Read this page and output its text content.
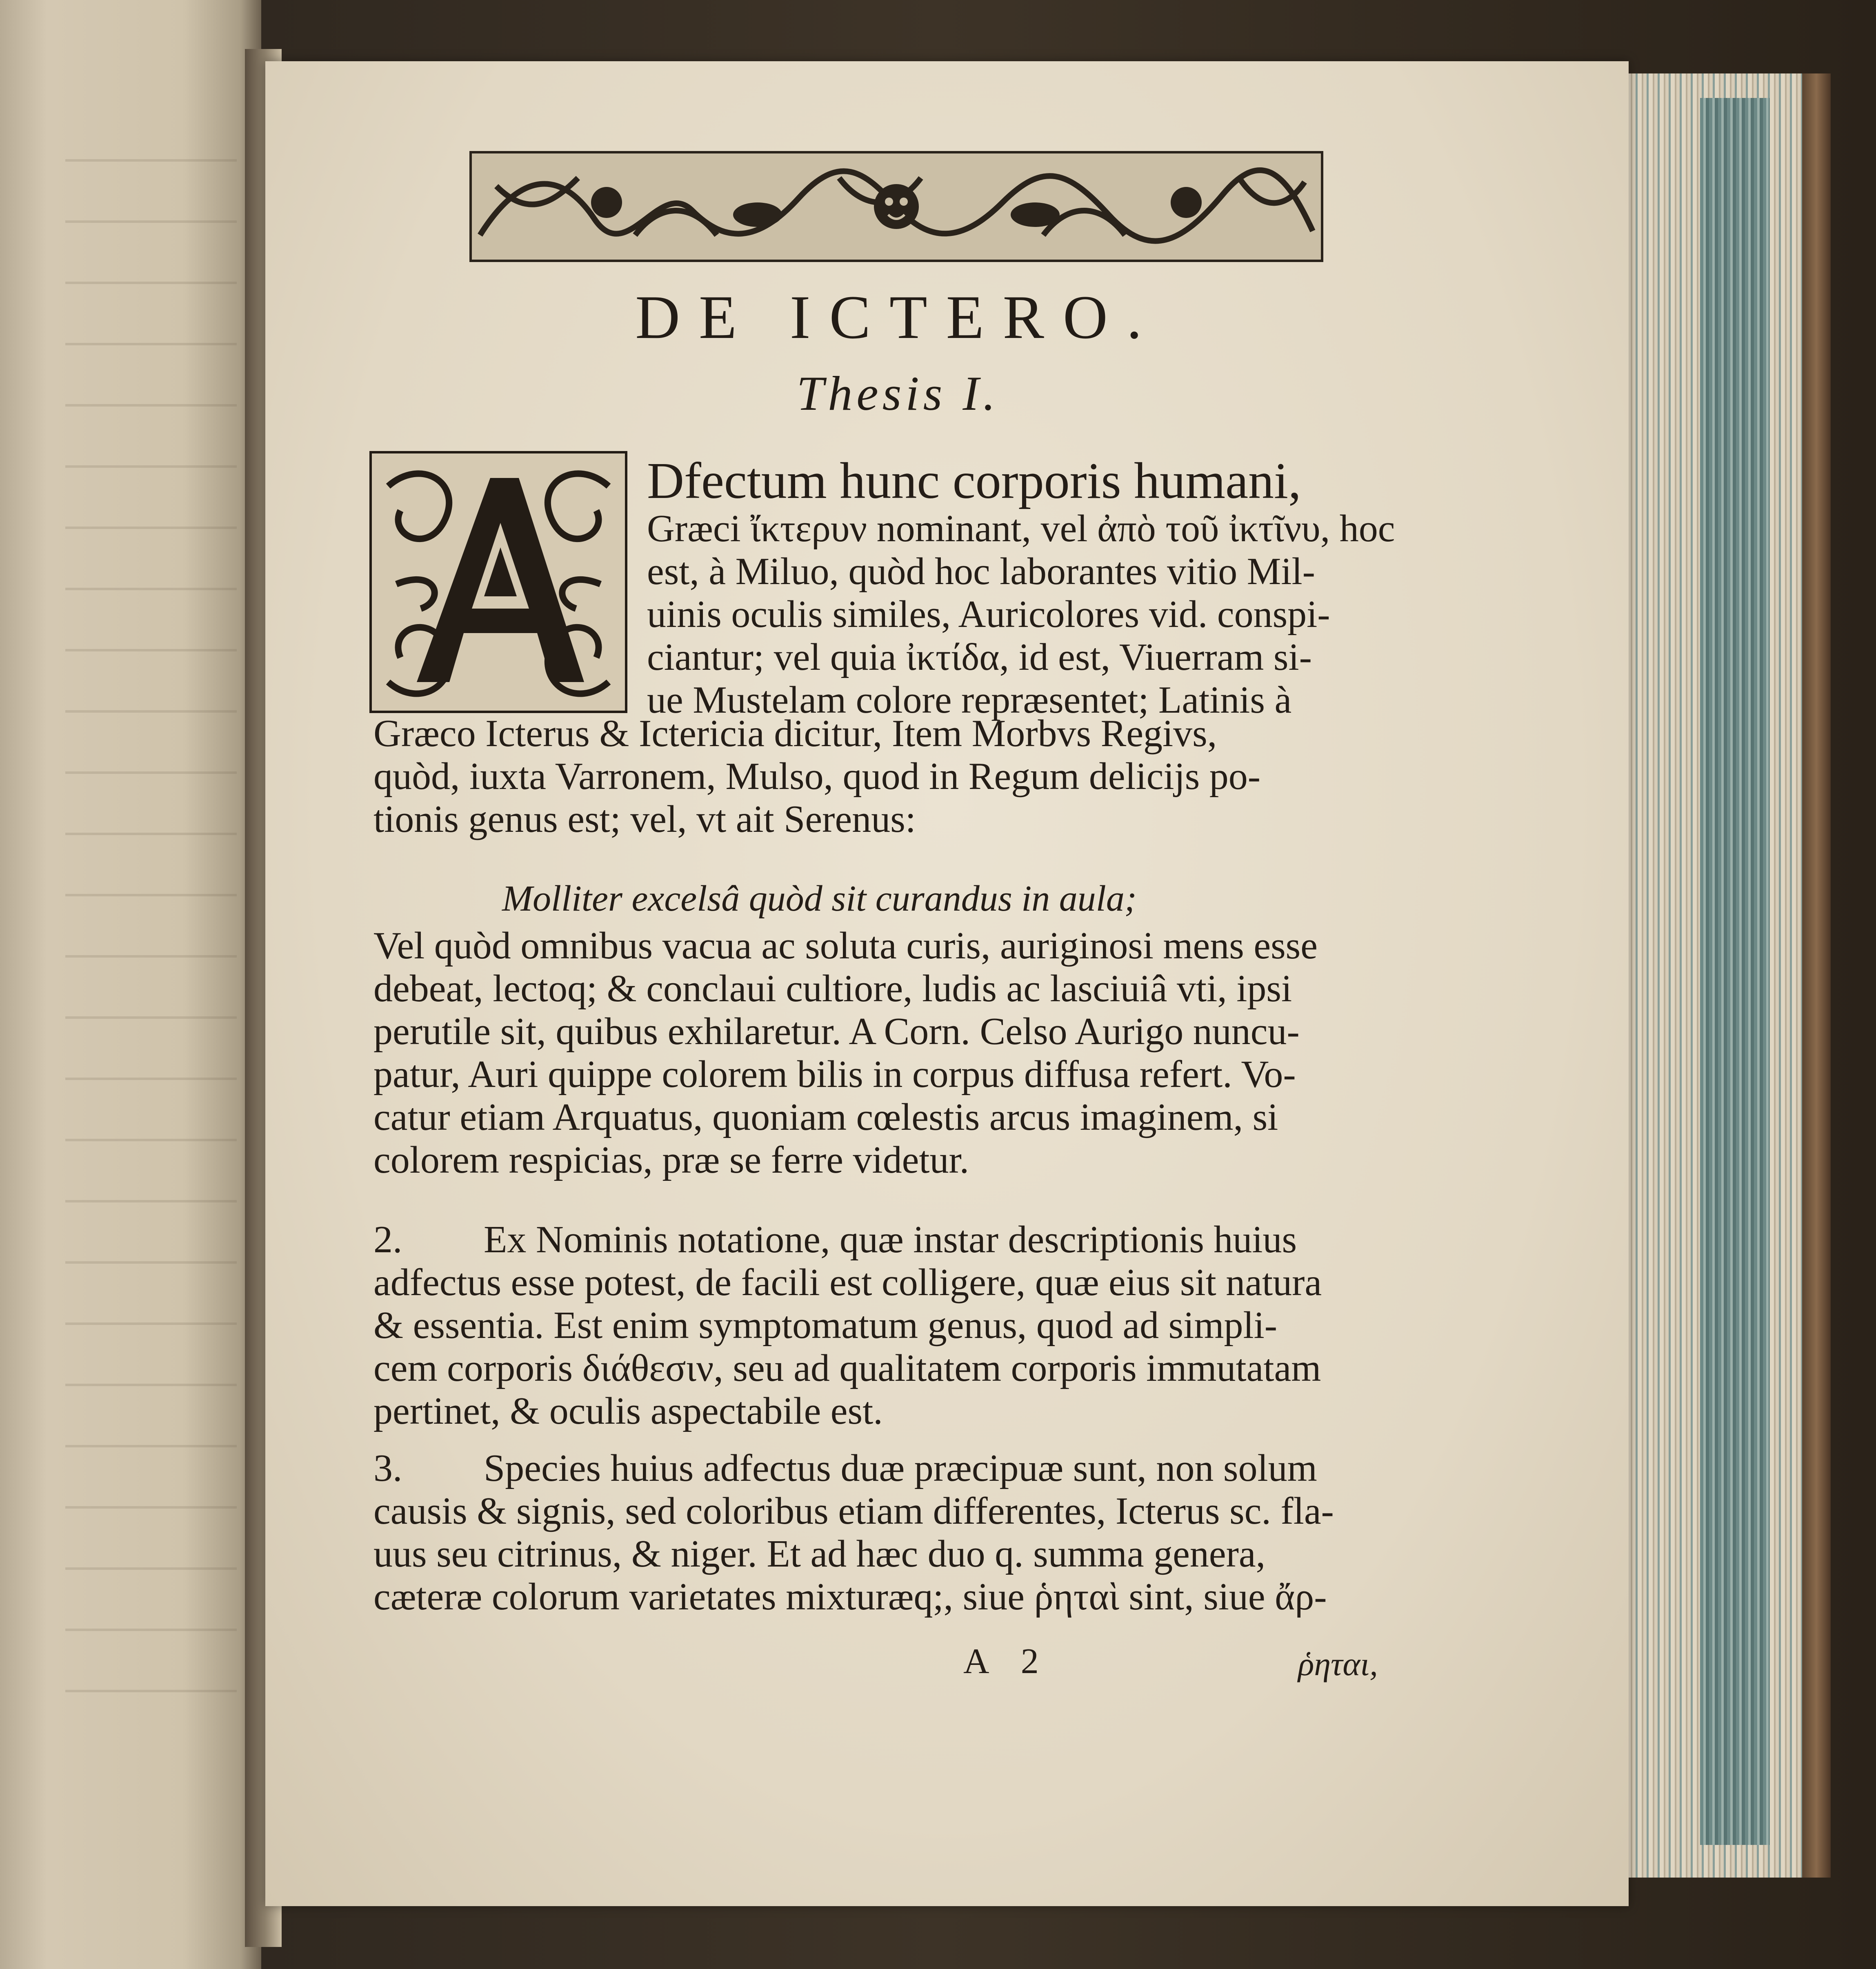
DE ICTERO.
Thesis I.
Dfectum hunc corporis humani,
Græci ἴκτερυν nominant, vel ἀπὸ τοῦ ἰκτῖνυ, hoc
est, à Miluo, quòd hoc laborantes vitio Mil-
uinis oculis similes, Auricolores vid. conspi-
ciantur; vel quia ἰκτίδα, id est, Viuerram si-
ue Mustelam colore repræsentet; Latinis à
Græco Icterus & Ictericia dicitur, Item Morbvs Regivs,
quòd, iuxta Varronem, Mulso, quod in Regum delicijs po-
tionis genus est; vel, vt ait Serenus:
Molliter excelsâ quòd sit curandus in aula;
Vel quòd omnibus vacua ac soluta curis, auriginosi mens esse
debeat, lectoq; & conclaui cultiore, ludis ac lasciuiâ vti, ipsi
perutile sit, quibus exhilaretur. A Corn. Celso Aurigo nuncu-
patur, Auri quippe colorem bilis in corpus diffusa refert. Vo-
catur etiam Arquatus, quoniam cœlestis arcus imaginem, si
colorem respicias, præ se ferre videtur.
2. Ex Nominis notatione, quæ instar descriptionis huius
adfectus esse potest, de facili est colligere, quæ eius sit natura
& essentia. Est enim symptomatum genus, quod ad simpli-
cem corporis διάθεσιν, seu ad qualitatem corporis immutatam
pertinet, & oculis aspectabile est.
3. Species huius adfectus duæ præcipuæ sunt, non solum
causis & signis, sed coloribus etiam differentes, Icterus sc. fla-
uus seu citrinus, & niger. Et ad hæc duo q. summa genera,
cæteræ colorum varietates mixturæq;, siue ῥηταὶ sint, siue ἄρ-
A 2	ῥηται,
